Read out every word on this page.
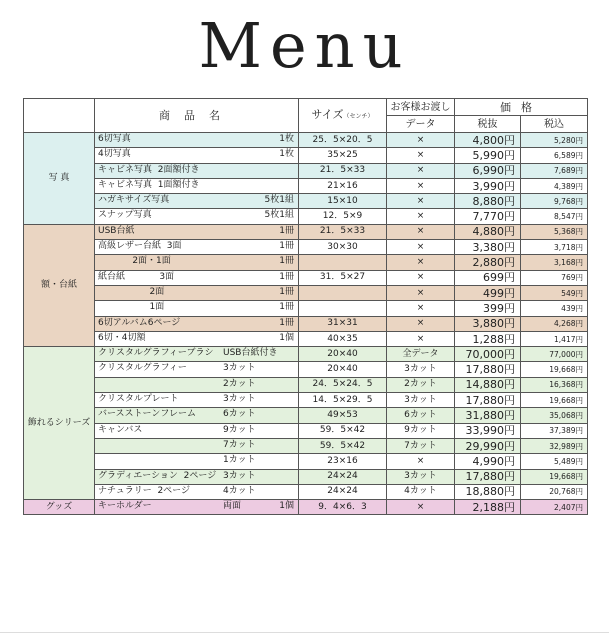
Menu
	商品名	サイズ（センチ）	お客様お渡し	価格	
			データ	税抜	税込
写 真	6切写真 1枚	25．5×20．5	×	4,800円	5,280円

	4切写真 1枚	35×25	×	5,990円	6,589円

	キャビネ写真  2面額付き	21．5×33	×	6,990円	7,689円

	キャビネ写真  1面額付き	21×16	×	3,990円	4,389円

	ハガキサイズ写真 5枚1組	15×10	×	8,880円	9,768円

	スナップ写真 5枚1組	12．5×9	×	7,770円	8,547円
額・台紙	USB台紙 1冊	21．5×33	×	4,880円	5,368円

	高級レザー台紙  3面 1冊	30×30	×	3,380円	3,718円

	2面・1面 1冊		×	2,880円	3,168円

	紙台紙            3面 1冊	31．5×27	×	699円	769円

	2面 1冊		×	499円	549円

	1面 1冊		×	399円	439円

	6切アルバム6ページ 1冊	31×31	×	3,880円	4,268円

	6切・4切額 1個	40×35	×	1,288円	1,417円
飾れるシリーズ	クリスタルグラフィーブラシ USB台紙付き	20×40	全データ	70,000円	77,000円

	クリスタルグラフィー 3カット	20×40	3カット	17,880円	19,668円

	2カット	24．5×24．5	2カット	14,880円	16,368円

	クリスタルプレート 3カット	14．5×29．5	3カット	17,880円	19,668円

	バースストーンフレーム 6カット	49×53	6カット	31,880円	35,068円

	キャンバス 9カット	59．5×42	9カット	33,990円	37,389円

	7カット	59．5×42	7カット	29,990円	32,989円

	1カット	23×16	×	4,990円	5,489円

	グラディエーション  2ページ 3カット	24×24	3カット	17,880円	19,668円

	ナチュラリー  2ページ 4カット	24×24	4カット	18,880円	20,768円
グッズ	キーホルダー 両面 1個	9．4×6．3	×	2,188円	2,407円
